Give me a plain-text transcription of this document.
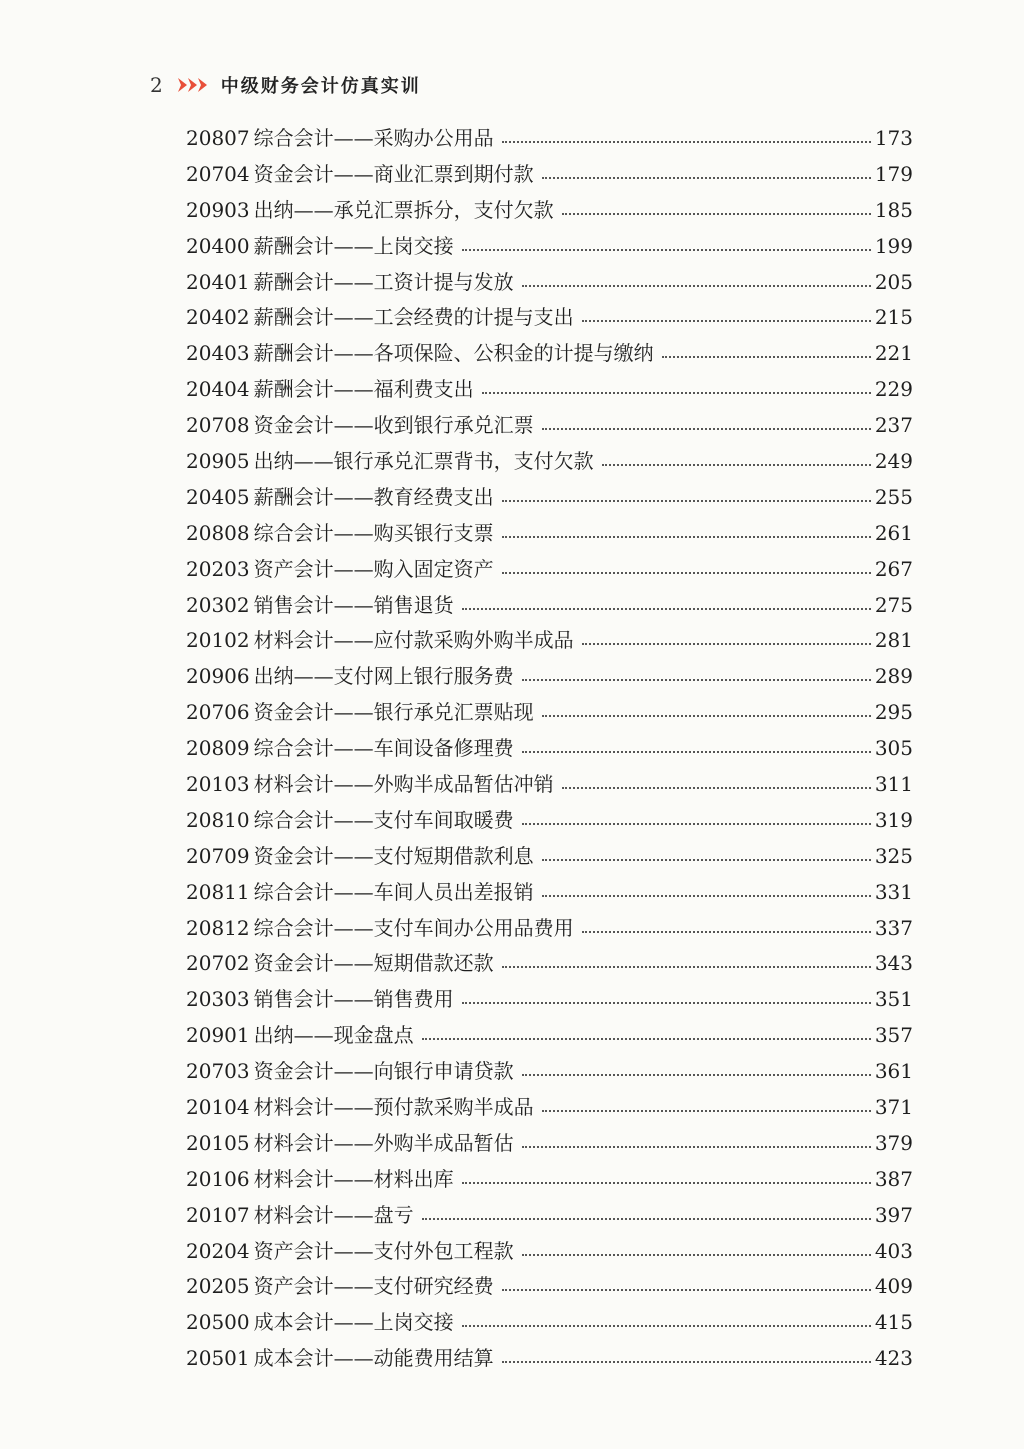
2	中级财务会计仿真实训
20807 综合会计——采购办公用品	173
20704 资金会计——商业汇票到期付款	179
20903 出纳——承兑汇票拆分，支付欠款	185
20400 薪酬会计——上岗交接	199
20401 薪酬会计——工资计提与发放	205
20402 薪酬会计——工会经费的计提与支出	215
20403 薪酬会计——各项保险、公积金的计提与缴纳	221
20404 薪酬会计——福利费支出	229
20708 资金会计——收到银行承兑汇票	237
20905 出纳——银行承兑汇票背书，支付欠款	249
20405 薪酬会计——教育经费支出	255
20808 综合会计——购买银行支票	261
20203 资产会计——购入固定资产	267
20302 销售会计——销售退货	275
20102 材料会计——应付款采购外购半成品	281
20906 出纳——支付网上银行服务费	289
20706 资金会计——银行承兑汇票贴现	295
20809 综合会计——车间设备修理费	305
20103 材料会计——外购半成品暂估冲销	311
20810 综合会计——支付车间取暖费	319
20709 资金会计——支付短期借款利息	325
20811 综合会计——车间人员出差报销	331
20812 综合会计——支付车间办公用品费用	337
20702 资金会计——短期借款还款	343
20303 销售会计——销售费用	351
20901 出纳——现金盘点	357
20703 资金会计——向银行申请贷款	361
20104 材料会计——预付款采购半成品	371
20105 材料会计——外购半成品暂估	379
20106 材料会计——材料出库	387
20107 材料会计——盘亏	397
20204 资产会计——支付外包工程款	403
20205 资产会计——支付研究经费	409
20500 成本会计——上岗交接	415
20501 成本会计——动能费用结算	423
